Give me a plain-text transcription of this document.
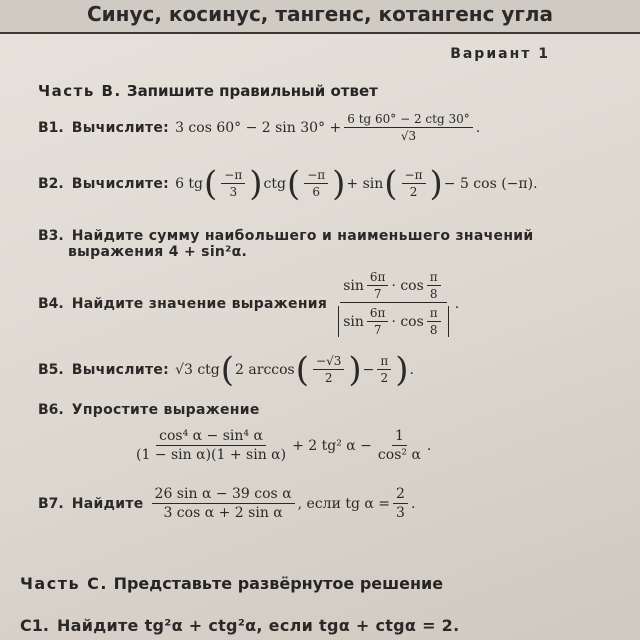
Синус, косинус, тангенс, котангенс угла
Вариант 1
Часть В. Запишите правильный ответ
B1. Вычислите: 3 cos 60° − 2 $\sin 30^\circ + \frac{\text{6 tg 60° − 2 ctg 30°}}{√3}$ .
B2. Вычислите: 6 tg ( $\frac{-\pi}{3}$ ) ctg ( $\frac{-\pi}{6}$ ) + sin ( $\frac{-\pi}{2}$ ) − 5 cos (−π).
B3. Найдите сумму наибольшего и наименьшего значений
выражения 4 + sin²α.
B4. Найдите значение выражения
$\sin \frac{6\pi}{7} \cdot \cos \frac{\pi}{8}$
$\sin \frac{6\pi}{7} \cdot \cos \frac{\pi}{8}$
.
B5. Вычислите: √3 ctg ( 2 arccos ( $\frac{-√3}{2}$ ) − $\frac{\pi}{2}$ ) .
B6. Упростите выражение
$\frac{\text{cos⁴ α − sin⁴ α}}{\text{(1 − sin α)(1 + sin α)}} + 2$ tg² $\alpha - \frac{1}{\text{cos² α}}$ .
B7. Найдите $\frac{\text{26 sin α − 39 cos α}}{\text{3 cos α + 2 sin α}}$ , если tg $\alpha = \frac{2}{3}$ .
Часть С. Представьте развёрнутое решение
C1. Найдите tg²α + ctg²α, если tgα + ctgα = 2.
